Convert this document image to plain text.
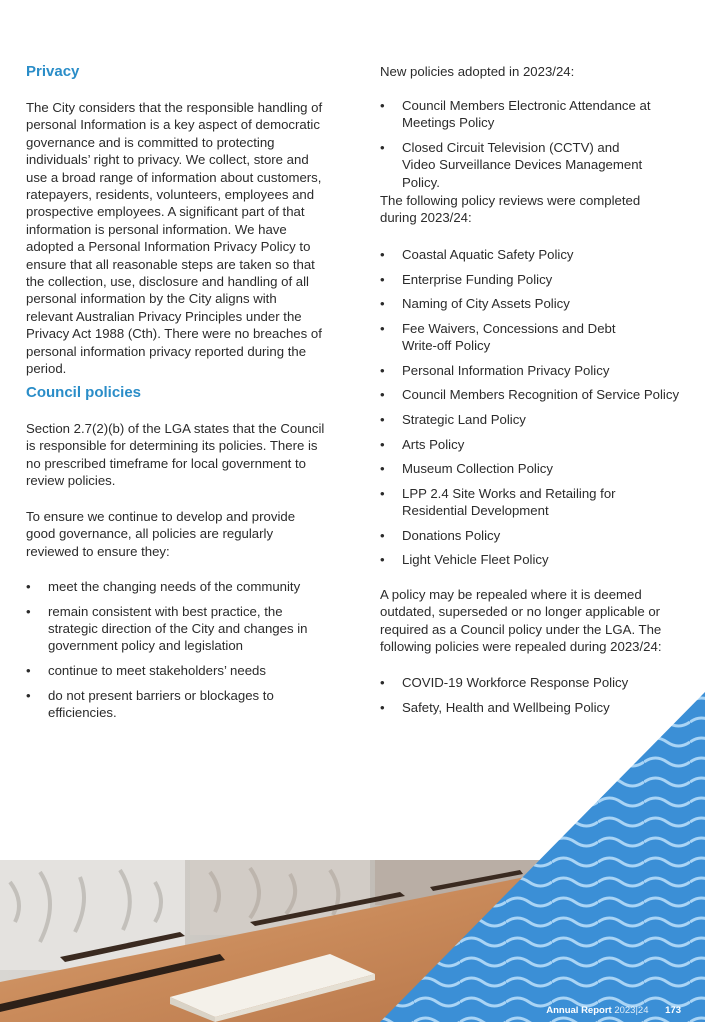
Privacy

The City considers that the responsible handling of personal Information is a key aspect of democratic governance and is committed to protecting individuals’ right to privacy. We collect, store and use a broad range of information about customers, ratepayers, residents, volunteers, employees and prospective employees. A significant part of that information is personal information. We have adopted a Personal Information Privacy Policy to ensure that all reasonable steps are taken so that the collection, use, disclosure and handling of all personal information by the City aligns with relevant Australian Privacy Principles under the Privacy Act 1988 (Cth). There were no breaches of personal information privacy reported during the period.

Council policies

Section 2.7(2)(b) of the LGA states that the Council is responsible for determining its policies. There is no prescribed timeframe for local government to review policies.

To ensure we continue to develop and provide good governance, all policies are regularly reviewed to ensure they:

• meet the changing needs of the community
• remain consistent with best practice, the strategic direction of the City and changes in government policy and legislation
• continue to meet stakeholders’ needs
• do not present barriers or blockages to efficiencies.

New policies adopted in 2023/24:

• Council Members Electronic Attendance at Meetings Policy
• Closed Circuit Television (CCTV) and Video Surveillance Devices Management Policy.

The following policy reviews were completed during 2023/24:

• Coastal Aquatic Safety Policy
• Enterprise Funding Policy
• Naming of City Assets Policy
• Fee Waivers, Concessions and Debt Write-off Policy
• Personal Information Privacy Policy
• Council Members Recognition of Service Policy
• Strategic Land Policy
• Arts Policy
• Museum Collection Policy
• LPP 2.4 Site Works and Retailing for Residential Development
• Donations Policy
• Light Vehicle Fleet Policy

A policy may be repealed where it is deemed outdated, superseded or no longer applicable or required as a Council policy under the LGA. The following policies were repealed during 2023/24:

• COVID-19 Workforce Response Policy
• Safety, Health and Wellbeing Policy
Annual Report 2023|24 173
